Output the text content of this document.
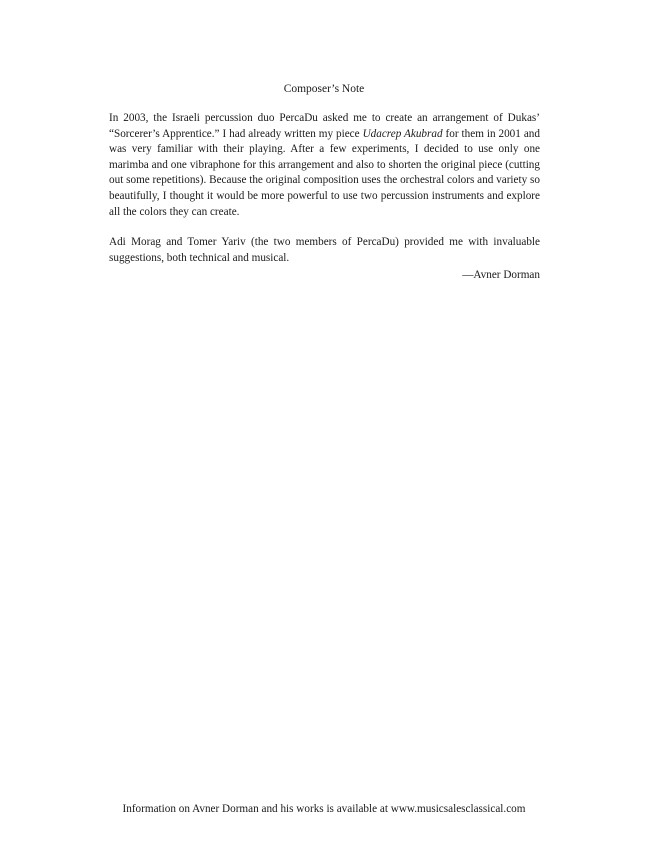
Composer’s Note

In 2003, the Israeli percussion duo PercaDu asked me to create an arrangement of Dukas’ “Sorcerer’s Apprentice.” I had already written my piece Udacrep Akubrad for them in 2001 and was very familiar with their playing. After a few experiments, I decided to use only one marimba and one vibraphone for this arrangement and also to shorten the original piece (cutting out some repetitions). Because the original composition uses the orchestral colors and variety so beautifully, I thought it would be more powerful to use two percussion instruments and explore all the colors they can create.

Adi Morag and Tomer Yariv (the two members of PercaDu) provided me with invaluable suggestions, both technical and musical.

—Avner Dorman
Information on Avner Dorman and his works is available at www.musicsalesclassical.com
